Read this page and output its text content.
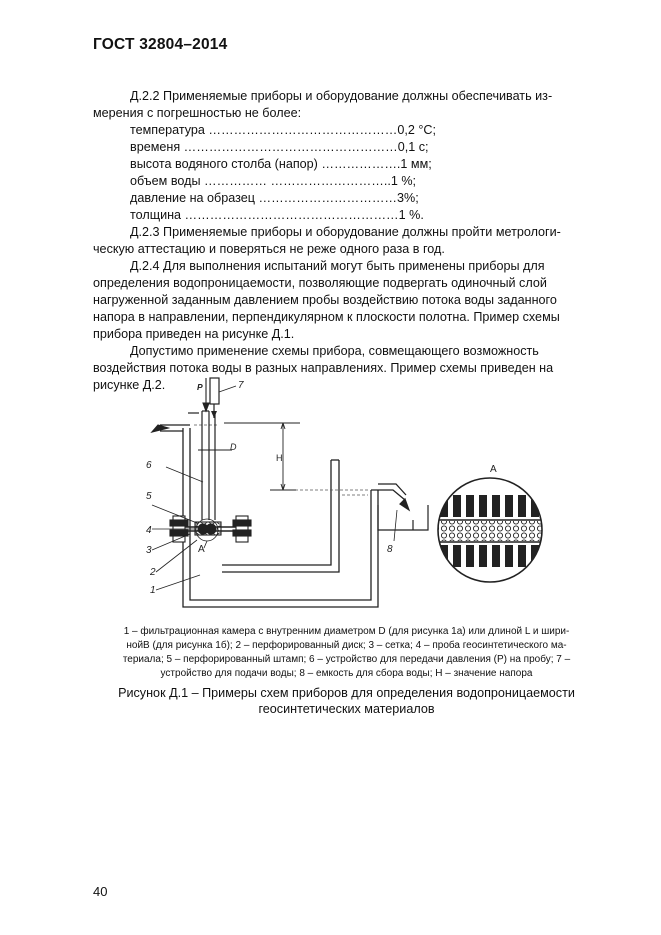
ГОСТ 32804–2014
Д.2.2 Применяемые приборы и оборудование должны обеспечивать из-
мерения с погрешностью не более:
температура ………………………………………0,2 °С;
временя ……………………………………………0,1 с;
высота водяного столба (напор) ……………….1 мм;
объем воды …………… ………………………..1 %;
давление на образец ……………………………3%;
толщина ……………………………………………1 %.
Д.2.3 Применяемые приборы и оборудование должны пройти метрологи-
ческую аттестацию и поверяться не реже одного раза в год.
Д.2.4 Для выполнения испытаний могут быть применены приборы для
определения водопроницаемости, позволяющие подвергать одиночный слой
нагруженной заданным давлением пробы воздействию потока воды заданного
напора в направлении, перпендикулярном к плоскости полотна. Пример схемы
прибора приведен на рисунке Д.1.
Допустимо применение схемы прибора, совмещающего возможность
воздействия потока воды в разных направлениях. Пример схемы приведен на
рисунке Д.2.
H
D
P	7
A
6
5
4
3
2
1
8
A
1 – фильтрационная камера с внутренним диаметром D (для рисунка 1а) или длиной L и шири-
нойB (для рисунка 1б); 2 – перфорированный диск; 3 – сетка; 4 – проба геосинтетического ма-
териала; 5 – перфорированный штамп; 6 – устройство для передачи давления (P) на пробу; 7 –
устройство для подачи воды; 8 – емкость для сбора воды; H – значение напора
Рисунок Д.1 – Примеры схем приборов для определения водопроницаемости
геосинтетических материалов
40
